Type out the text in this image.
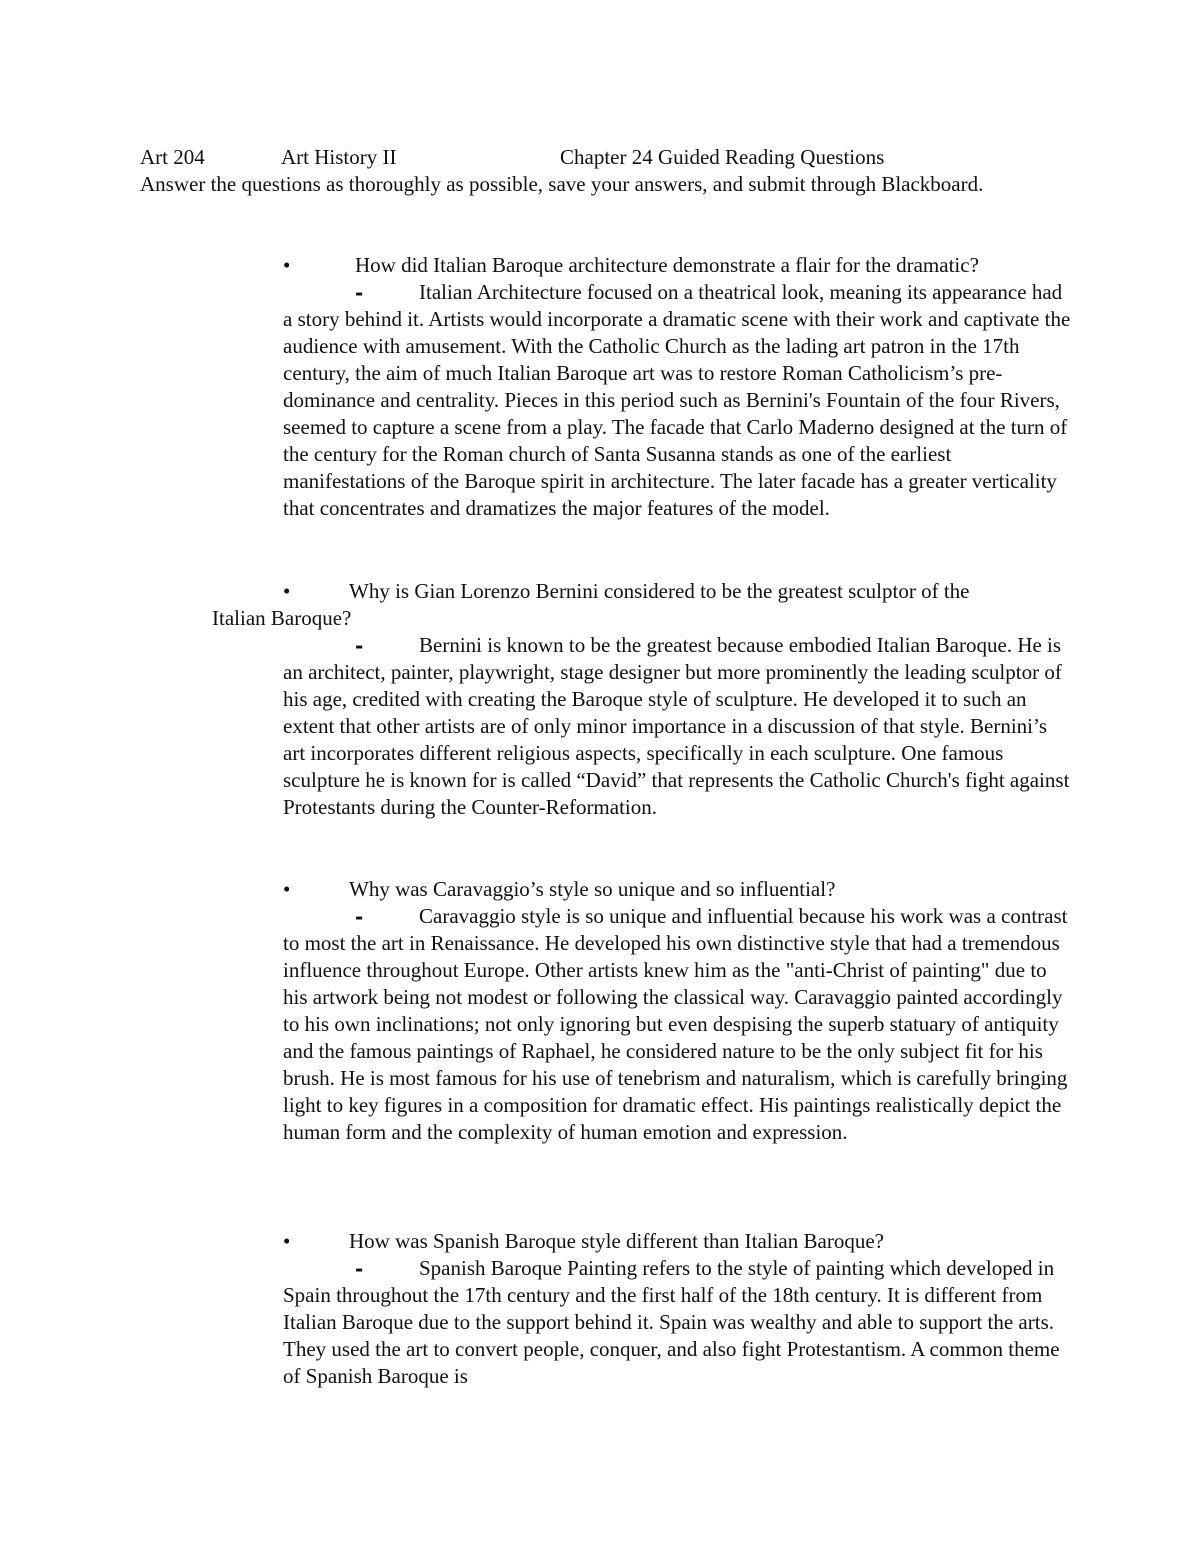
Art 204	Art History II	Chapter 24 Guided Reading Questions
Answer the questions as thoroughly as possible, save your answers, and submit through Blackboard.
•	How did Italian Baroque architecture demonstrate a flair for the dramatic?
-	Italian Architecture focused on a theatrical look, meaning its appearance had a story behind it. Artists would incorporate a dramatic scene with their work and captivate the audience with amusement. With the Catholic Church as the lading art patron in the 17th century, the aim of much Italian Baroque art was to restore Roman Catholicism’s pre-dominance and centrality. Pieces in this period such as Bernini's Fountain of the four Rivers, seemed to capture a scene from a play. The facade that Carlo Maderno designed at the turn of the century for the Roman church of Santa Susanna stands as one of the earliest manifestations of the Baroque spirit in architecture. The later facade has a greater verticality that concentrates and dramatizes the major features of the model.
•	Why is Gian Lorenzo Bernini considered to be the greatest sculptor of the
Italian Baroque?
-	Bernini is known to be the greatest because embodied Italian Baroque. He is an architect, painter, playwright, stage designer but more prominently the leading sculptor of his age, credited with creating the Baroque style of sculpture. He developed it to such an extent that other artists are of only minor importance in a discussion of that style. Bernini’s art incorporates different religious aspects, specifically in each sculpture. One famous sculpture he is known for is called “David” that represents the Catholic Church's fight against Protestants during the Counter-Reformation.
•	Why was Caravaggio’s style so unique and so influential?
-	Caravaggio style is so unique and influential because his work was a contrast to most the art in Renaissance. He developed his own distinctive style that had a tremendous influence throughout Europe. Other artists knew him as the "anti-Christ of painting" due to his artwork being not modest or following the classical way. Caravaggio painted accordingly to his own inclinations; not only ignoring but even despising the superb statuary of antiquity and the famous paintings of Raphael, he considered nature to be the only subject fit for his brush. He is most famous for his use of tenebrism and naturalism, which is carefully bringing light to key figures in a composition for dramatic effect. His paintings realistically depict the human form and the complexity of human emotion and expression.
•	How was Spanish Baroque style different than Italian Baroque?
-	Spanish Baroque Painting refers to the style of painting which developed in Spain throughout the 17th century and the first half of the 18th century. It is different from Italian Baroque due to the support behind it. Spain was wealthy and able to support the arts. They used the art to convert people, conquer, and also fight Protestantism. A common theme of Spanish Baroque is
